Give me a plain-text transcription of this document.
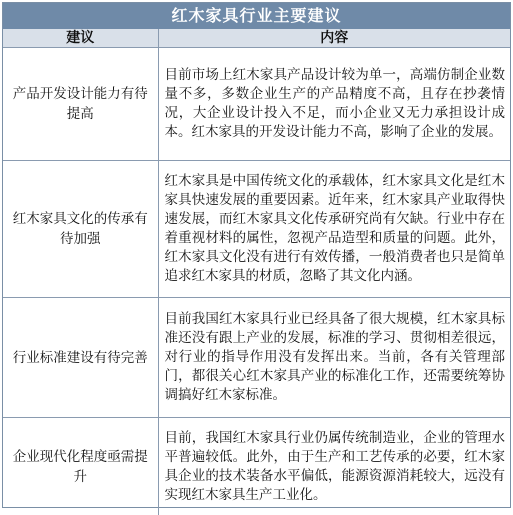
红木家具行业主要建议
建议	内容
产品开发设计能力有待提高	目前市场上红木家具产品设计较为单一，高端仿制企业数量不多，多数企业生产的产品精度不高，且存在抄袭情况，大企业设计投入不足，而小企业又无力承担设计成本。红木家具的开发设计能力不高，影响了企业的发展。
红木家具文化的传承有待加强	红木家具是中国传统文化的承载体，红木家具文化是红木家具快速发展的重要因素。近年来，红木家具产业取得快速发展，而红木家具文化传承研究尚有欠缺。行业中存在着重视材料的属性，忽视产品造型和质量的问题。此外，红木家具文化没有进行有效传播，一般消费者也只是简单追求红木家具的材质，忽略了其文化内涵。
行业标准建设有待完善	目前我国红木家具行业已经具备了很大规模，红木家具标准还没有跟上产业的发展，标准的学习、贯彻相差很远，对行业的指导作用没有发挥出来。当前，各有关管理部门，都很关心红木家具产业的标准化工作，还需要统筹协调搞好红木家标准。
企业现代化程度亟需提升	目前，我国红木家具行业仍属传统制造业，企业的管理水平普遍较低。此外，由于生产和工艺传承的必要，红木家具企业的技术装备水平偏低，能源资源消耗较大，远没有实现红木家具生产工业化。
